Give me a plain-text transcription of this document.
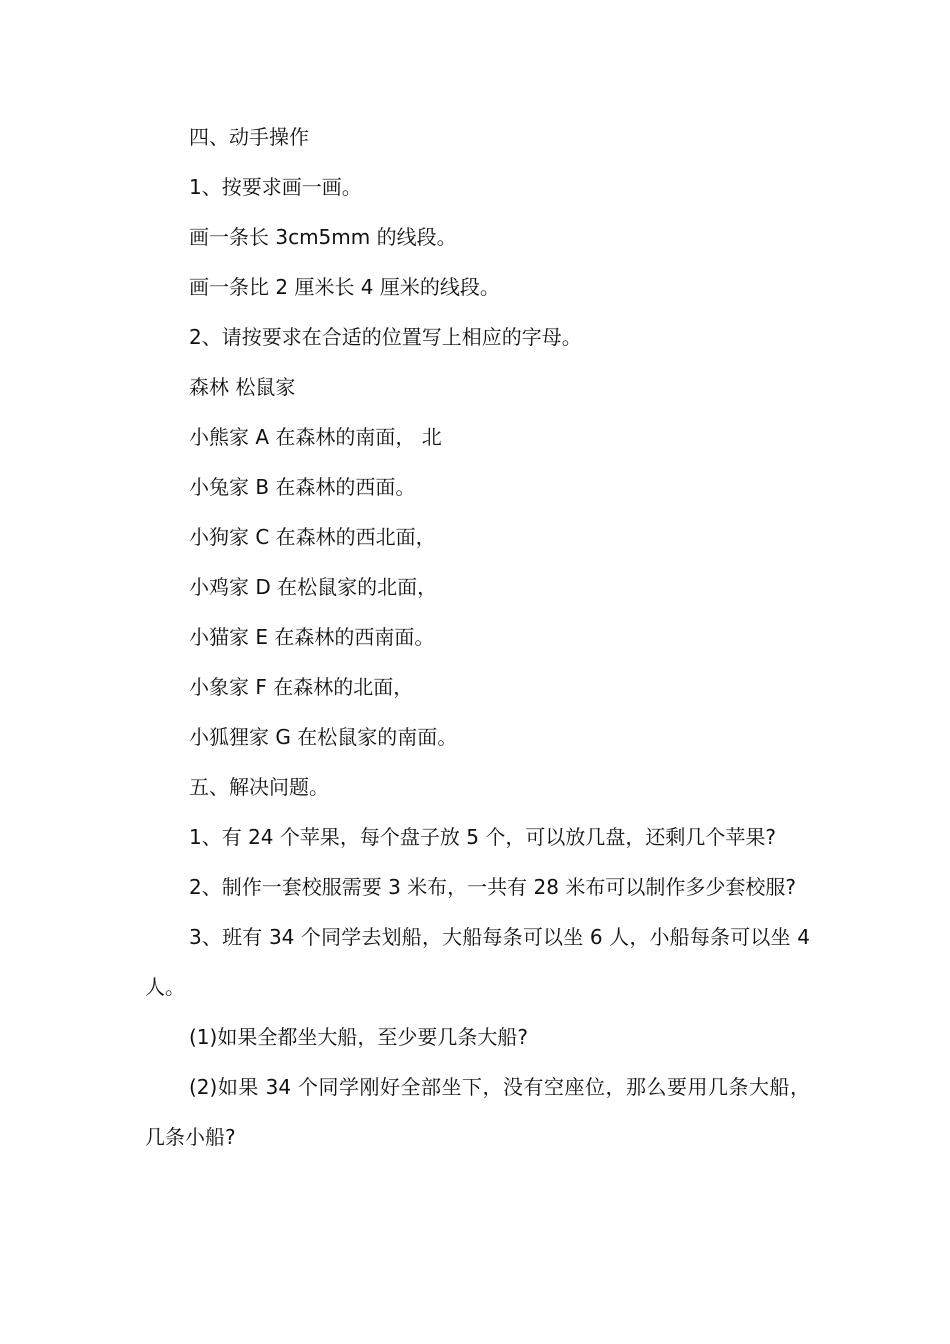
四、动手操作

1、按要求画一画。

画一条长 3cm5mm 的线段。

画一条比 2 厘米长 4 厘米的线段。

2、请按要求在合适的位置写上相应的字母。

森林 松鼠家

小熊家 A 在森林的南面， 北

小兔家 B 在森林的西面。

小狗家 C 在森林的西北面，

小鸡家 D 在松鼠家的北面，

小猫家 E 在森林的西南面。

小象家 F 在森林的北面，

小狐狸家 G 在松鼠家的南面。

五、解决问题。

1、有 24 个苹果，每个盘子放 5 个，可以放几盘，还剩几个苹果?

2、制作一套校服需要 3 米布，一共有 28 米布可以制作多少套校服?

3、班有 34 个同学去划船，大船每条可以坐 6 人，小船每条可以坐 4 人。

(1)如果全都坐大船，至少要几条大船?

(2)如果 34 个同学刚好全部坐下，没有空座位，那么要用几条大船，几条小船?
